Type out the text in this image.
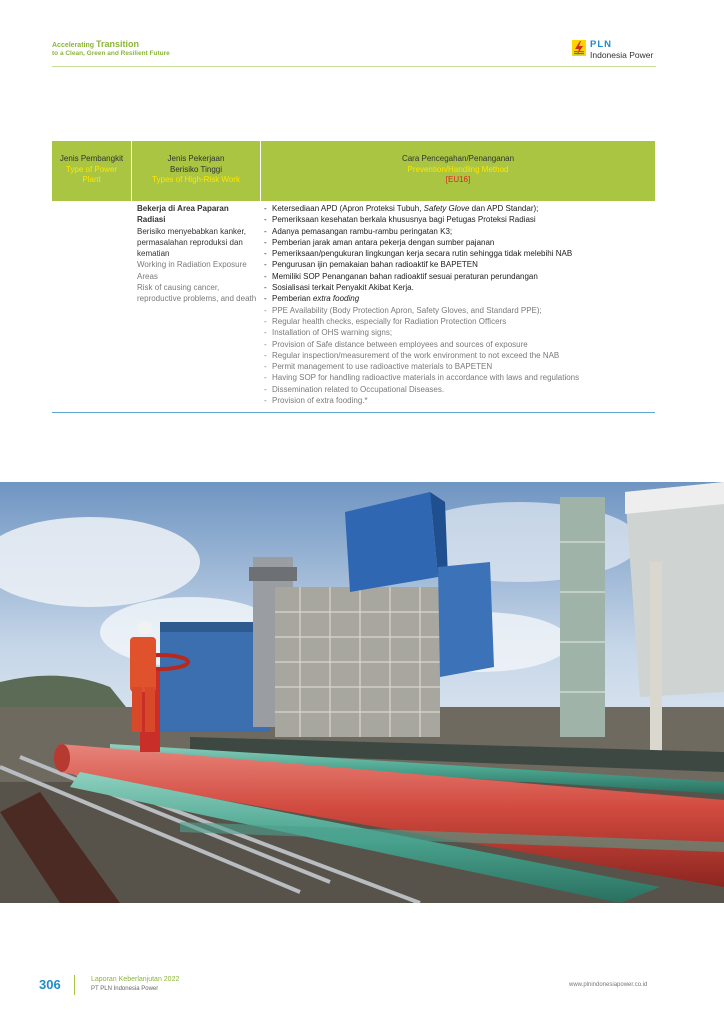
Accelerating Transition
to a Clean, Green and Resilient Future
PLN
Indonesia Power
Jenis Pembangkit
Type of Power Plant
Jenis Pekerjaan Berisiko Tinggi
Types of High-Risk Work
Cara Pencegahan/Penanganan
Prevention/Handling Method
[EU16]
Bekerja di Area Paparan Radiasi
Berisiko menyebabkan kanker, permasalahan reproduksi dan kematian
Working in Radiation Exposure Areas
Risk of causing cancer, reproductive problems, and death
- Ketersediaan APD (Apron Proteksi Tubuh, Safety Glove dan APD Standar);
- Pemeriksaan kesehatan berkala khususnya bagi Petugas Proteksi Radiasi
- Adanya pemasangan rambu-rambu peringatan K3;
- Pemberian jarak aman antara pekerja dengan sumber pajanan
- Pemeriksaan/pengukuran lingkungan kerja secara rutin sehingga tidak melebihi NAB
- Pengurusan ijin pemakaian bahan radioaktif ke BAPETEN
- Memiliki SOP Penanganan bahan radioaktif sesuai peraturan perundangan
- Sosialisasi terkait Penyakit Akibat Kerja.
- Pemberian extra fooding
- PPE Availability (Body Protection Apron, Safety Gloves, and Standard PPE);
- Regular health checks, especially for Radiation Protection Officers
- Installation of OHS warning signs;
- Provision of Safe distance between employees and sources of exposure
- Regular inspection/measurement of the work environment to not exceed the NAB
- Permit management to use radioactive materials to BAPETEN
- Having SOP for handling radioactive materials in accordance with laws and regulations
- Dissemination related to Occupational Diseases.
- Provision of extra fooding.*
306	Laporan Keberlanjutan 2022
PT PLN Indonesia Power
www.plnindonesiapower.co.id
